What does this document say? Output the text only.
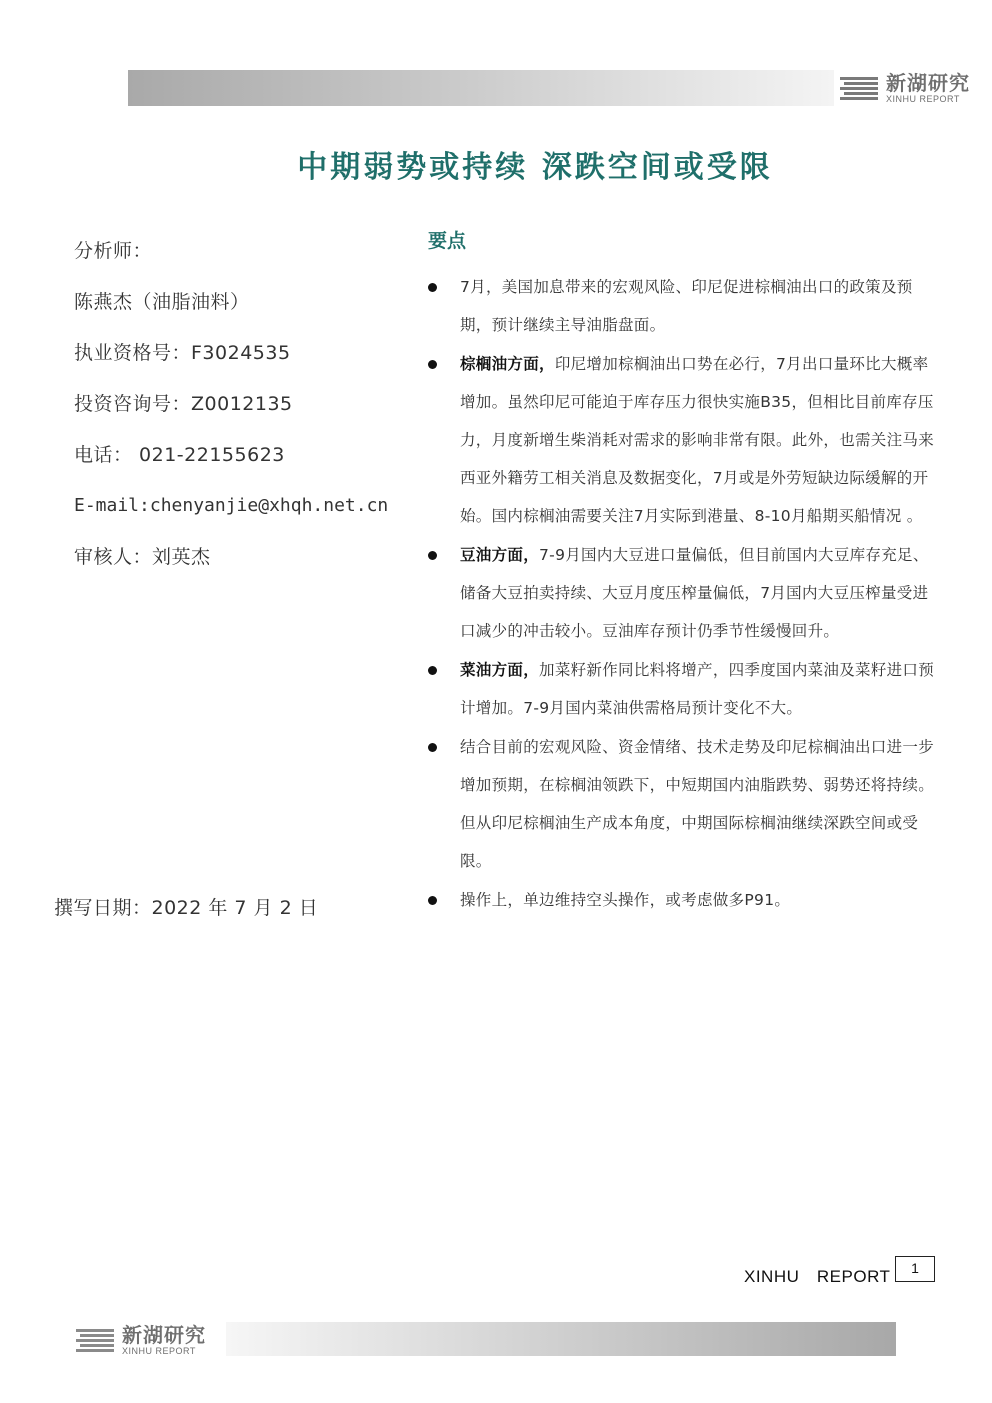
新湖研究
XINHU REPORT
中期弱势或持续 深跌空间或受限
分析师：
陈燕杰（油脂油料）
执业资格号：F3024535
投资咨询号：Z0012135
电话： 021-22155623
E-mail:chenyanjie@xhqh.net.cn
审核人：刘英杰
撰写日期：2022 年 7 月 2 日
要点
7月，美国加息带来的宏观风险、印尼促进棕榈油出口的政策及预期，预计继续主导油脂盘面。
棕榈油方面，印尼增加棕榈油出口势在必行，7月出口量环比大概率增加。虽然印尼可能迫于库存压力很快实施B35，但相比目前库存压力，月度新增生柴消耗对需求的影响非常有限。此外，也需关注马来西亚外籍劳工相关消息及数据变化，7月或是外劳短缺边际缓解的开始。国内棕榈油需要关注7月实际到港量、8-10月船期买船情况 。
豆油方面，7-9月国内大豆进口量偏低，但目前国内大豆库存充足、储备大豆拍卖持续、大豆月度压榨量偏低，7月国内大豆压榨量受进口减少的冲击较小。豆油库存预计仍季节性缓慢回升。
菜油方面，加菜籽新作同比料将增产，四季度国内菜油及菜籽进口预计增加。7-9月国内菜油供需格局预计变化不大。
结合目前的宏观风险、资金情绪、技术走势及印尼棕榈油出口进一步增加预期，在棕榈油领跌下，中短期国内油脂跌势、弱势还将持续。但从印尼棕榈油生产成本角度，中期国际棕榈油继续深跌空间或受限。
操作上，单边维持空头操作，或考虑做多P91。
XINHU　REPORT	1
新湖研究
XINHU REPORT
